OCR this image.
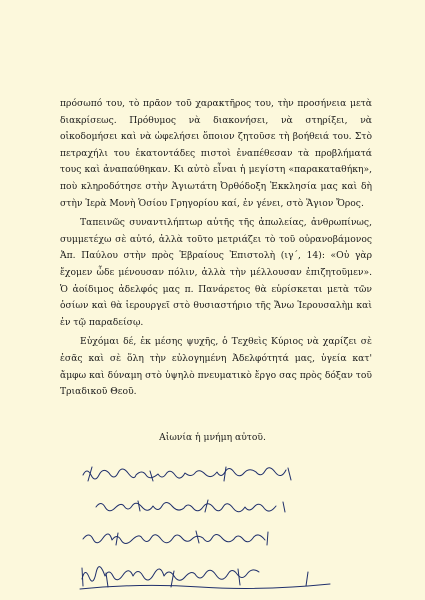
πρόσωπό του, τὸ πρᾶον τοῦ χαρακτῆρος του, τὴν προσήνεια μετὰ διακρίσεως. Πρόθυμος νὰ διακονήσει, νὰ στηρίξει, νὰ οἰκοδομήσει καὶ νὰ ὠφελήσει ὅποιον ζητοῦσε τὴ βοήθειά του. Στὸ πετραχήλι του ἑκατοντάδες πιστοὶ ἐναπέθεσαν τὰ προβλήματά τους καὶ ἀναπαύθηκαν. Κι αὐτὸ εἶναι ἡ μεγίστη «παρακαταθήκη», ποὺ κληροδότησε στὴν Ἁγιωτάτη Ὀρθόδοξη Ἐκκλησία μας καὶ δὴ στὴν Ἱερὰ Μονὴ Ὁσίου Γρηγορίου καί, ἐν γένει, στὸ Ἅγιον Ὄρος.

Ταπεινῶς συναντιλήπτωρ αὐτῆς τῆς ἀπωλείας, ἀνθρωπίνως, συμμετέχω σὲ αὐτό, ἀλλὰ τοῦτο μετριάζει τὸ τοῦ οὐρανοβάμονος Ἀπ. Παύλου στὴν πρὸς Ἑβραίους Ἐπιστολὴ (ιγ΄, 14): «Οὐ γὰρ ἔχομεν ὧδε μένουσαν πόλιν, ἀλλὰ τὴν μέλλουσαν ἐπιζητοῦμεν». Ὁ ἀοίδιμος ἀδελφός μας π. Πανάρετος θὰ εὑρίσκεται μετὰ τῶν ὁσίων καὶ θὰ ἱερουργεῖ στὸ θυσιαστήριο τῆς Ἄνω Ἱερουσαλὴμ καὶ ἐν τῷ παραδείσῳ.

Εὐχόμαι δέ, ἐκ μέσης ψυχῆς, ὁ Τεχθεὶς Κύριος νὰ χαρίζει σὲ ἐσᾶς καὶ σὲ ὅλη τὴν εὐλογημένη Ἀδελφότητά μας, ὑγεία κατ' ἄμφω καὶ δύναμη στὸ ὑψηλὸ πνευματικὸ ἔργο σας πρὸς δόξαν τοῦ Τριαδικοῦ Θεοῦ.

Αἰωνία ἡ μνήμη αὐτοῦ.
